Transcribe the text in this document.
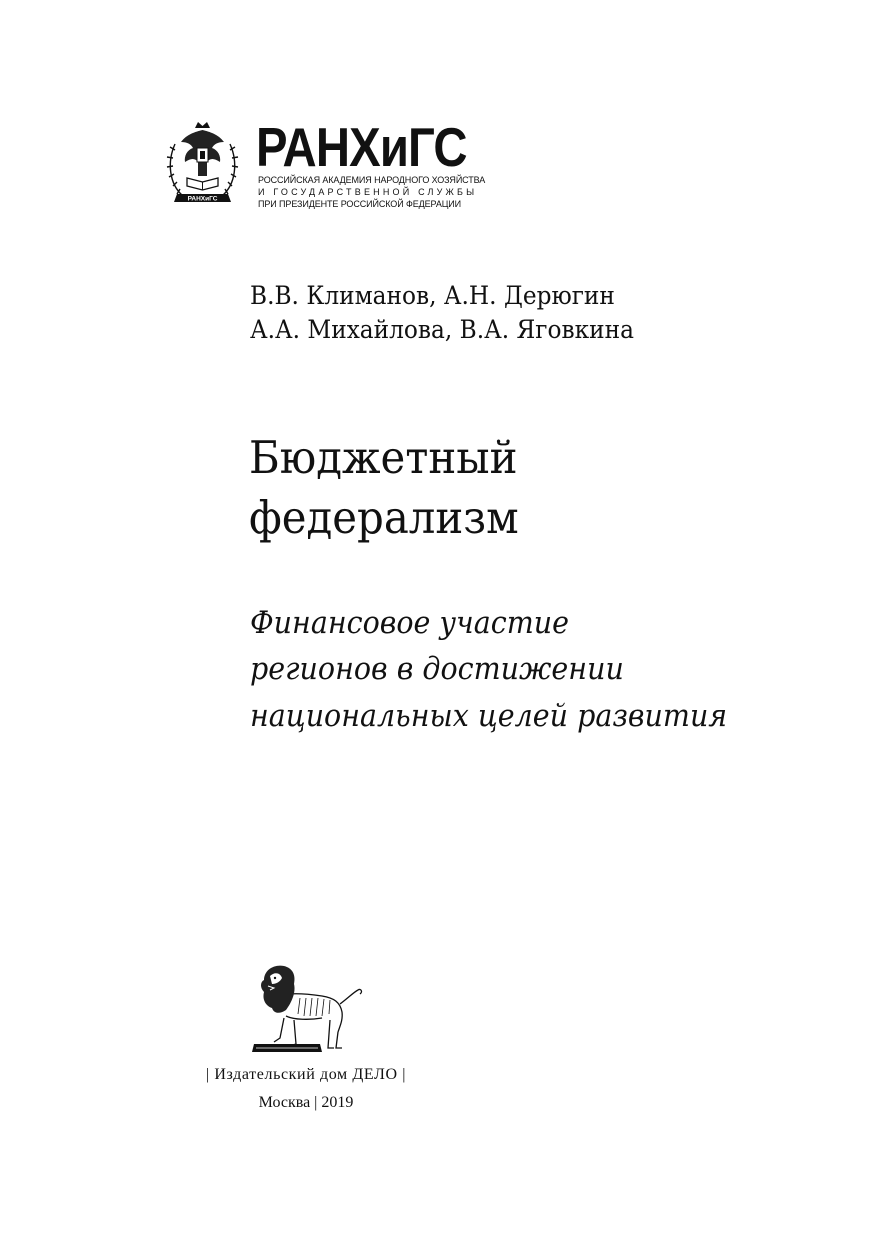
РАНХиГС
РАНХиГС
РОССИЙСКАЯ АКАДЕМИЯ НАРОДНОГО ХОЗЯЙСТВА
И ГОСУДАРСТВЕННОЙ СЛУЖБЫ
ПРИ ПРЕЗИДЕНТЕ РОССИЙСКОЙ ФЕДЕРАЦИИ
В.В. Климанов, А.Н. Дерюгин
А.А. Михайлова, В.А. Яговкина
Бюджетный
федерализм
Финансовое участие
регионов в достижении
национальных целей развития
| Издательский дом ДЕЛО |
Москва | 2019
